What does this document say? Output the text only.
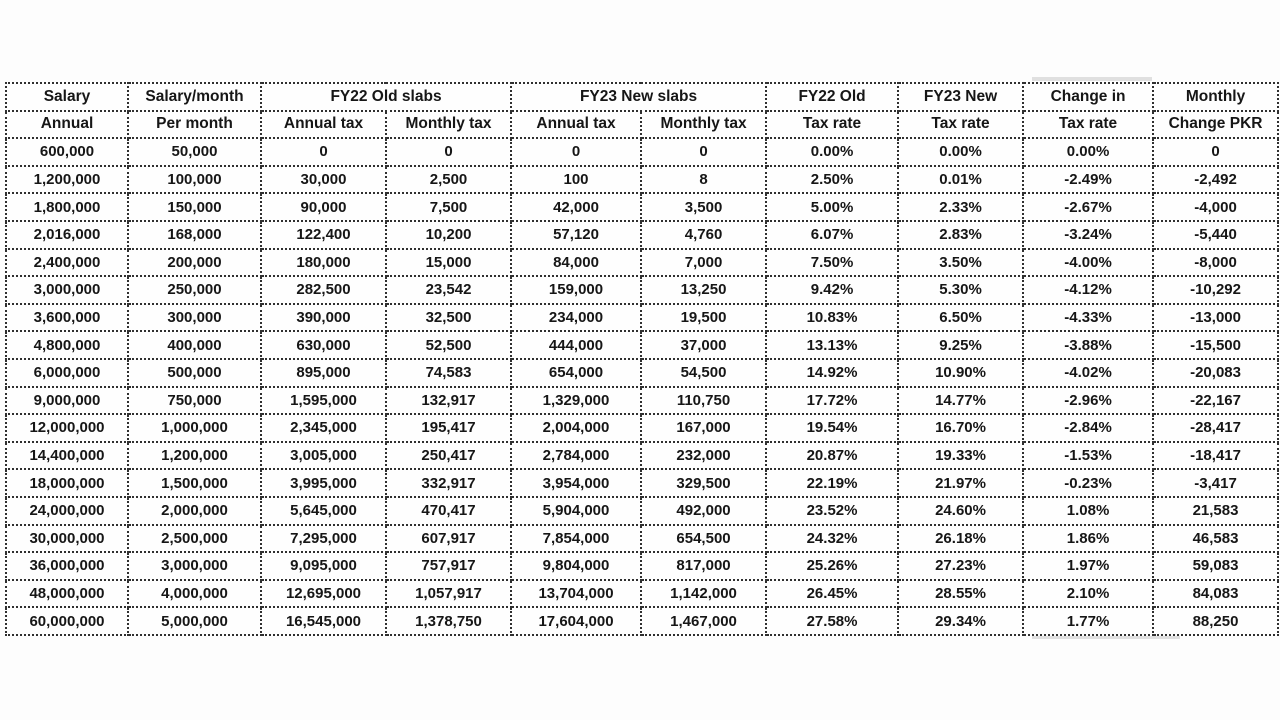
Salary	Salary/month	FY22 Old slabs		FY23 New slabs		FY22 Old	FY23 New	Change in	Monthly
Annual	Per month	Annual tax	Monthly tax	Annual tax	Monthly tax	Tax rate	Tax rate	Tax rate	Change PKR
600,000	50,000	0	0	0	0	0.00%	0.00%	0.00%	0
1,200,000	100,000	30,000	2,500	100	8	2.50%	0.01%	-2.49%	-2,492
1,800,000	150,000	90,000	7,500	42,000	3,500	5.00%	2.33%	-2.67%	-4,000
2,016,000	168,000	122,400	10,200	57,120	4,760	6.07%	2.83%	-3.24%	-5,440
2,400,000	200,000	180,000	15,000	84,000	7,000	7.50%	3.50%	-4.00%	-8,000
3,000,000	250,000	282,500	23,542	159,000	13,250	9.42%	5.30%	-4.12%	-10,292
3,600,000	300,000	390,000	32,500	234,000	19,500	10.83%	6.50%	-4.33%	-13,000
4,800,000	400,000	630,000	52,500	444,000	37,000	13.13%	9.25%	-3.88%	-15,500
6,000,000	500,000	895,000	74,583	654,000	54,500	14.92%	10.90%	-4.02%	-20,083
9,000,000	750,000	1,595,000	132,917	1,329,000	110,750	17.72%	14.77%	-2.96%	-22,167
12,000,000	1,000,000	2,345,000	195,417	2,004,000	167,000	19.54%	16.70%	-2.84%	-28,417
14,400,000	1,200,000	3,005,000	250,417	2,784,000	232,000	20.87%	19.33%	-1.53%	-18,417
18,000,000	1,500,000	3,995,000	332,917	3,954,000	329,500	22.19%	21.97%	-0.23%	-3,417
24,000,000	2,000,000	5,645,000	470,417	5,904,000	492,000	23.52%	24.60%	1.08%	21,583
30,000,000	2,500,000	7,295,000	607,917	7,854,000	654,500	24.32%	26.18%	1.86%	46,583
36,000,000	3,000,000	9,095,000	757,917	9,804,000	817,000	25.26%	27.23%	1.97%	59,083
48,000,000	4,000,000	12,695,000	1,057,917	13,704,000	1,142,000	26.45%	28.55%	2.10%	84,083
60,000,000	5,000,000	16,545,000	1,378,750	17,604,000	1,467,000	27.58%	29.34%	1.77%	88,250
